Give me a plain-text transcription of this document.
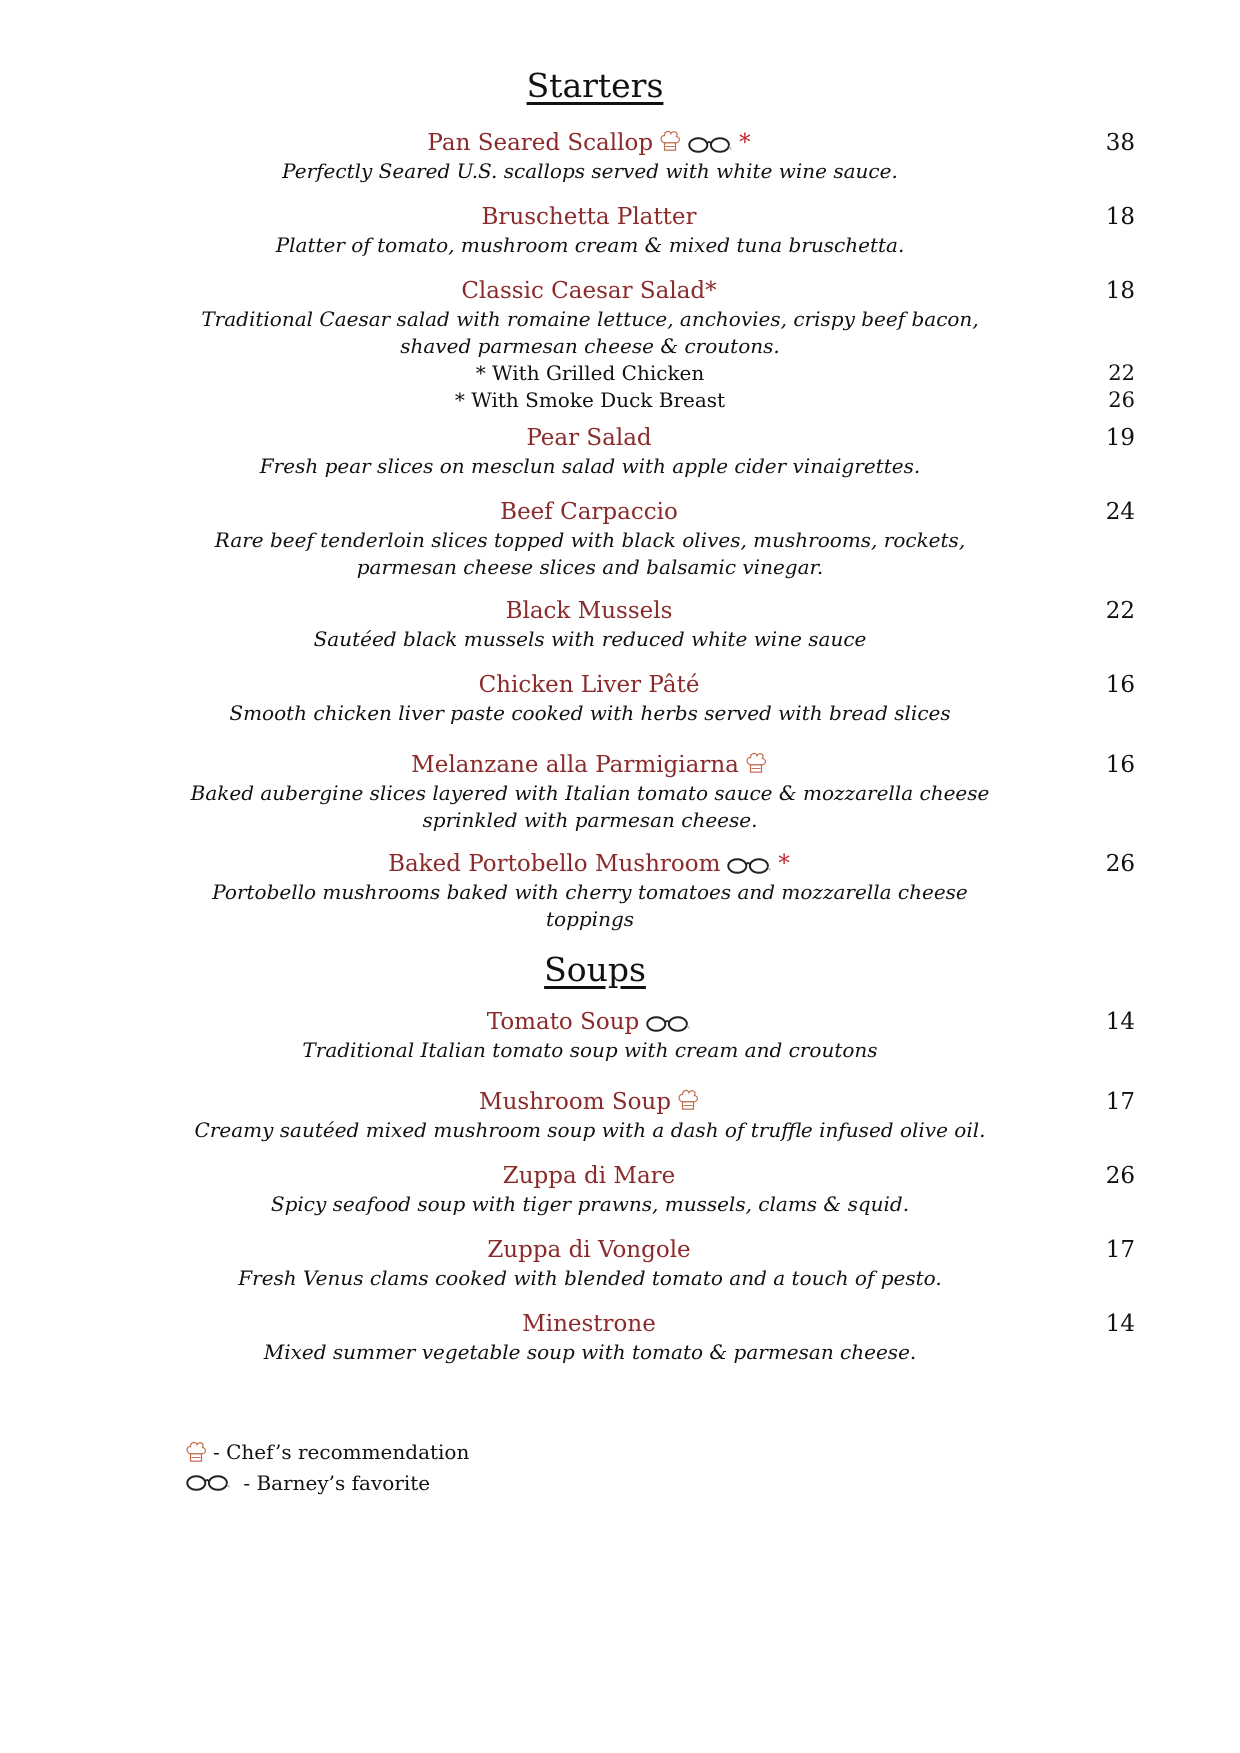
Starters
Pan Seared Scallop	*	38
Perfectly Seared U.S. scallops served with white wine sauce.
Bruschetta Platter	18
Platter of tomato, mushroom cream & mixed tuna bruschetta.
Classic Caesar Salad*	18
Traditional Caesar salad with romaine lettuce, anchovies, crispy beef bacon, shaved parmesan cheese & croutons.
* With Grilled Chicken	22
* With Smoke Duck Breast	26
Pear Salad	19
Fresh pear slices on mesclun salad with apple cider vinaigrettes.
Beef Carpaccio	24
Rare beef tenderloin slices topped with black olives, mushrooms, rockets, parmesan cheese slices and balsamic vinegar.
Black Mussels	22
Sautéed black mussels with reduced white wine sauce
Chicken Liver Pâté	16
Smooth chicken liver paste cooked with herbs served with bread slices
Melanzane alla Parmigiarna	16
Baked aubergine slices layered with Italian tomato sauce & mozzarella cheese sprinkled with parmesan cheese.
Baked Portobello Mushroom	*	26
Portobello mushrooms baked with cherry tomatoes and mozzarella cheese toppings
Soups
Tomato Soup	14
Traditional Italian tomato soup with cream and croutons
Mushroom Soup	17
Creamy sautéed mixed mushroom soup with a dash of truffle infused olive oil.
Zuppa di Mare	26
Spicy seafood soup with tiger prawns, mussels, clams & squid.
Zuppa di Vongole	17
Fresh Venus clams cooked with blended tomato and a touch of pesto.
Minestrone	14
Mixed summer vegetable soup with tomato & parmesan cheese.
- Chef’s recommendation
- Barney’s favorite
